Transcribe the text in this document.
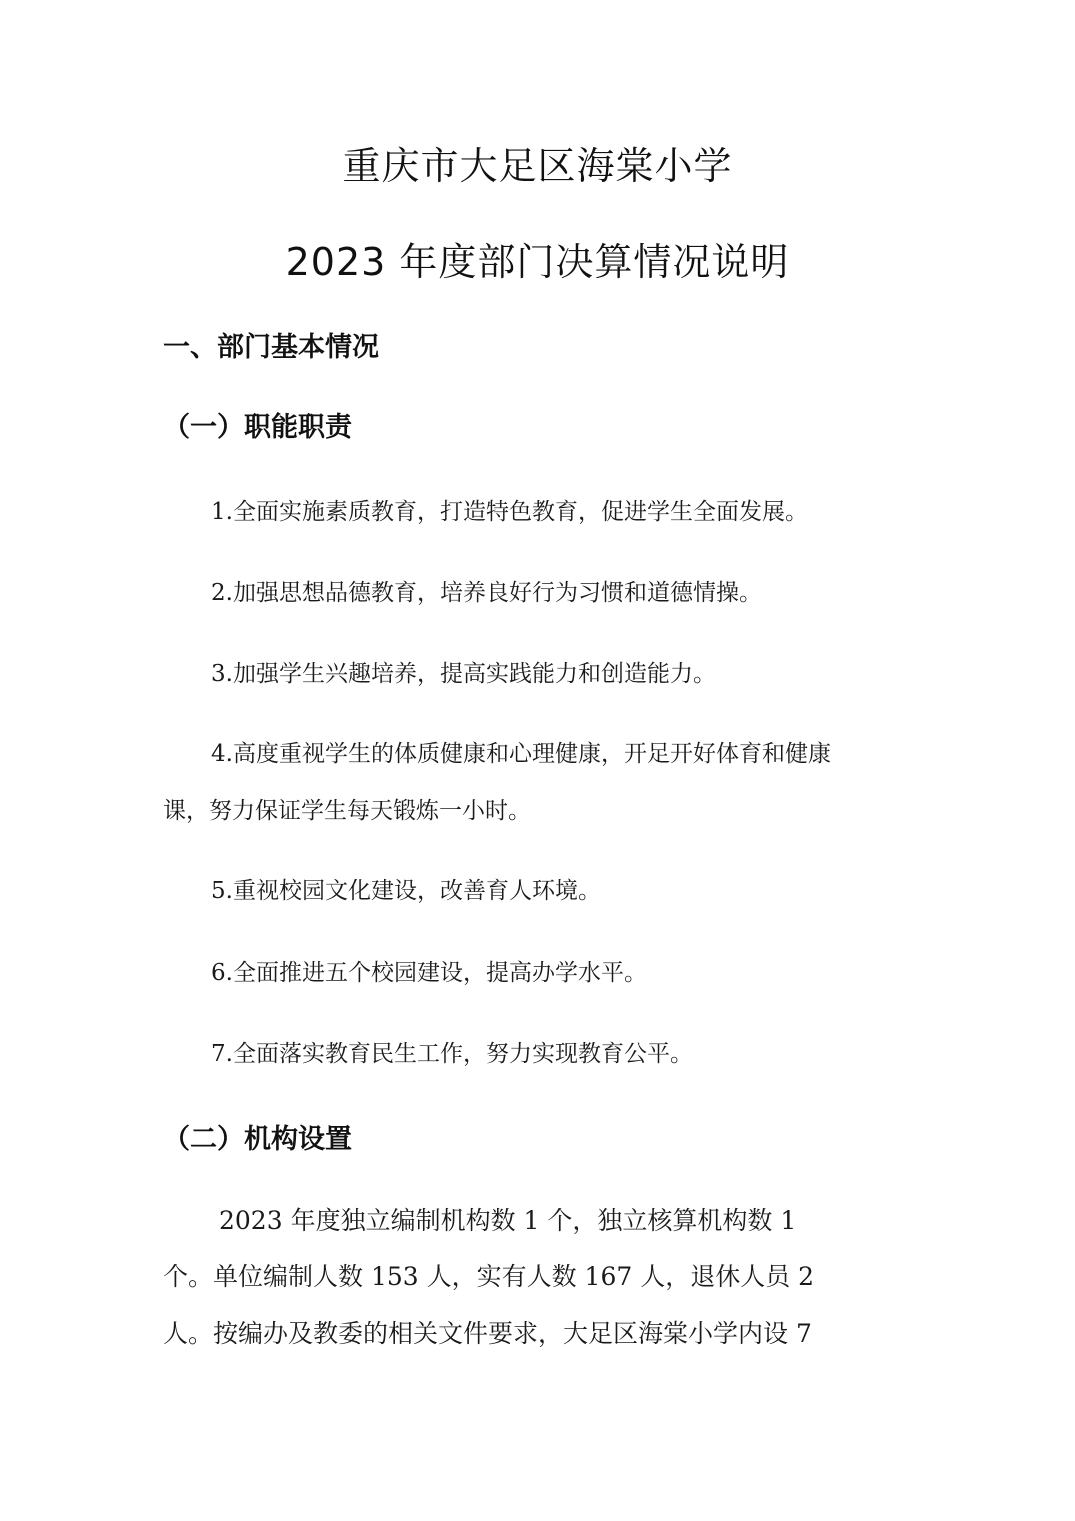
重庆市大足区海棠小学
2023 年度部门决算情况说明
一、部门基本情况
（一）职能职责
1.全面实施素质教育，打造特色教育，促进学生全面发展。
2.加强思想品德教育，培养良好行为习惯和道德情操。
3.加强学生兴趣培养，提高实践能力和创造能力。
4.高度重视学生的体质健康和心理健康，开足开好体育和健康
课，努力保证学生每天锻炼一小时。
5.重视校园文化建设，改善育人环境。
6.全面推进五个校园建设，提高办学水平。
7.全面落实教育民生工作，努力实现教育公平。
（二）机构设置
2023 年度独立编制机构数 1 个，独立核算机构数 1
个。单位编制人数 153 人，实有人数 167 人，退休人员 2
人。按编办及教委的相关文件要求，大足区海棠小学内设 7
